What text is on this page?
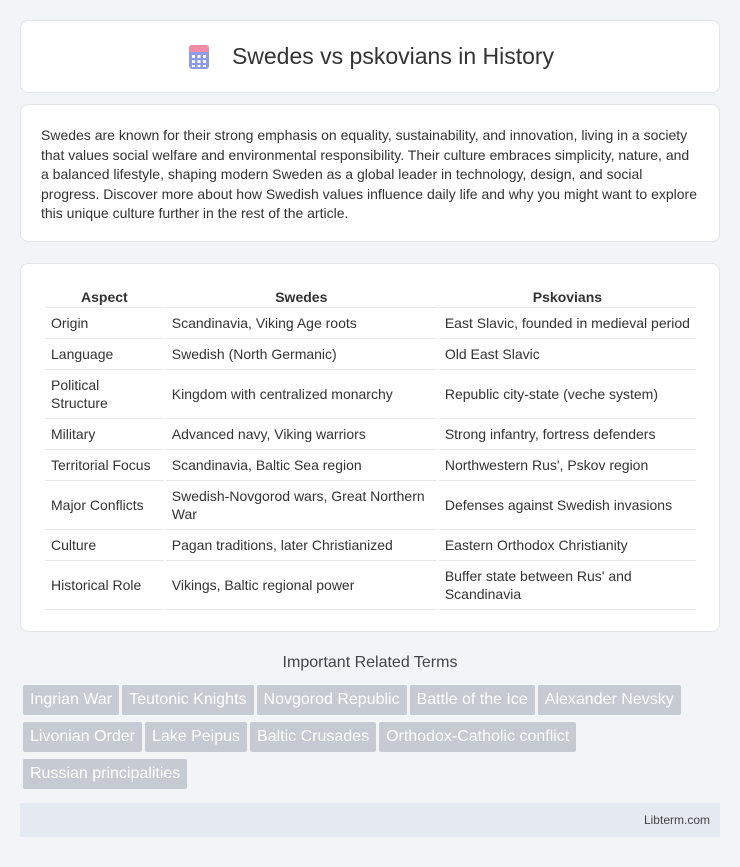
Swedes vs pskovians in History

Swedes are known for their strong emphasis on equality, sustainability, and innovation, living in a society that values social welfare and environmental responsibility. Their culture embraces simplicity, nature, and a balanced lifestyle, shaping modern Sweden as a global leader in technology, design, and social progress. Discover more about how Swedish values influence daily life and why you might want to explore this unique culture further in the rest of the article.

Aspect	Swedes	Pskovians
Origin	Scandinavia, Viking Age roots	East Slavic, founded in medieval period
Language	Swedish (North Germanic)	Old East Slavic
Political Structure	Kingdom with centralized monarchy	Republic city-state (veche system)
Military	Advanced navy, Viking warriors	Strong infantry, fortress defenders
Territorial Focus	Scandinavia, Baltic Sea region	Northwestern Rus', Pskov region
Major Conflicts	Swedish-Novgorod wars, Great Northern War	Defenses against Swedish invasions
Culture	Pagan traditions, later Christianized	Eastern Orthodox Christianity
Historical Role	Vikings, Baltic regional power	Buffer state between Rus' and Scandinavia
Important Related Terms
Ingrian War	Teutonic Knights	Novgorod Republic	Battle of the Ice	Alexander Nevsky
Livonian Order	Lake Peipus	Baltic Crusades	Orthodox-Catholic conflict
Russian principalities
Libterm.com
